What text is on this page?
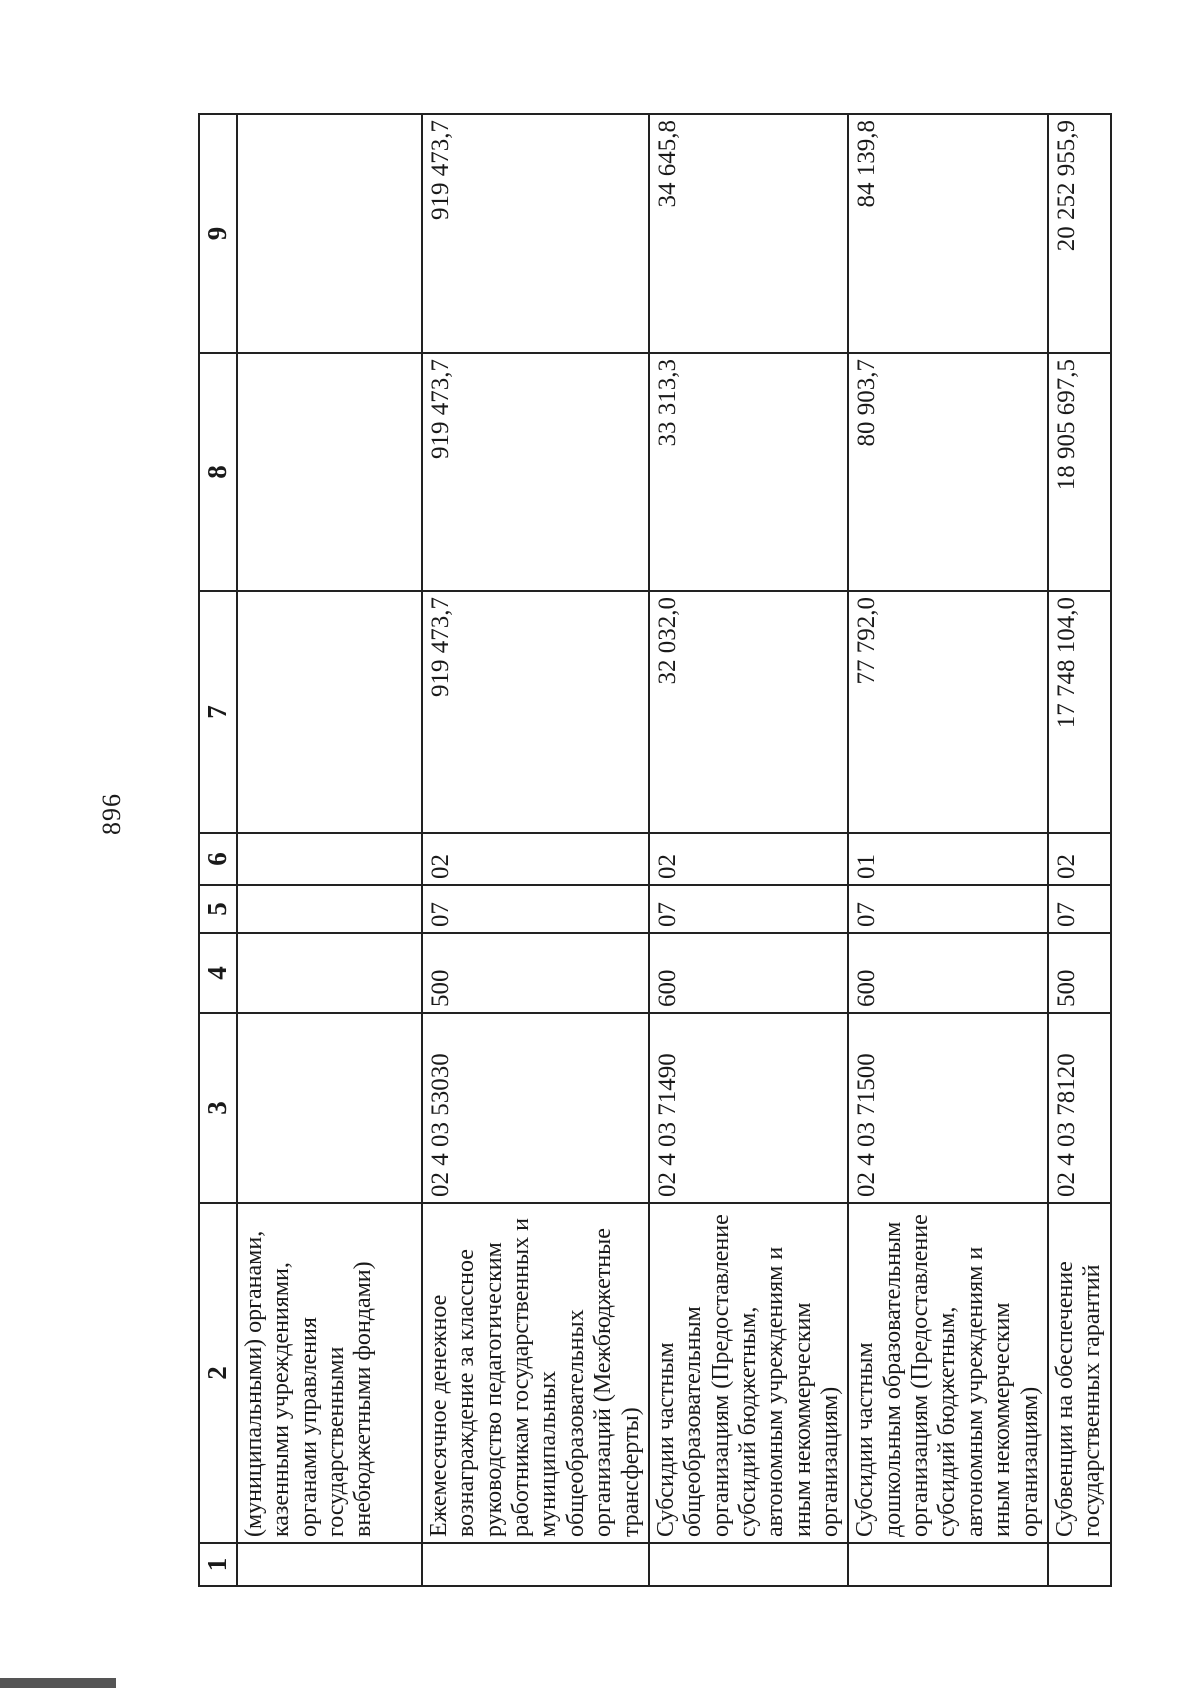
896
1	2	3	4	5	6	7	8	9
	(муниципальными) органами, казенными учреждениями, органами управления государственными внебюджетными фондами)							
	Ежемесячное денежное вознаграждение за классное руководство педагогическим работникам государственных и муниципальных общеобразовательных организаций (Межбюджетные трансферты)	02 4 03 53030	500	07	02	919 473,7	919 473,7	919 473,7
	Субсидии частным общеобразовательным организациям (Предоставление субсидий бюджетным, автономным учреждениям и иным некоммерческим организациям)	02 4 03 71490	600	07	02	32 032,0	33 313,3	34 645,8
	Субсидии частным дошкольным образовательным организациям (Предоставление субсидий бюджетным, автономным учреждениям и иным некоммерческим организациям)	02 4 03 71500	600	07	01	77 792,0	80 903,7	84 139,8
	Субвенции на обеспечение государственных гарантий	02 4 03 78120	500	07	02	17 748 104,0	18 905 697,5	20 252 955,9
